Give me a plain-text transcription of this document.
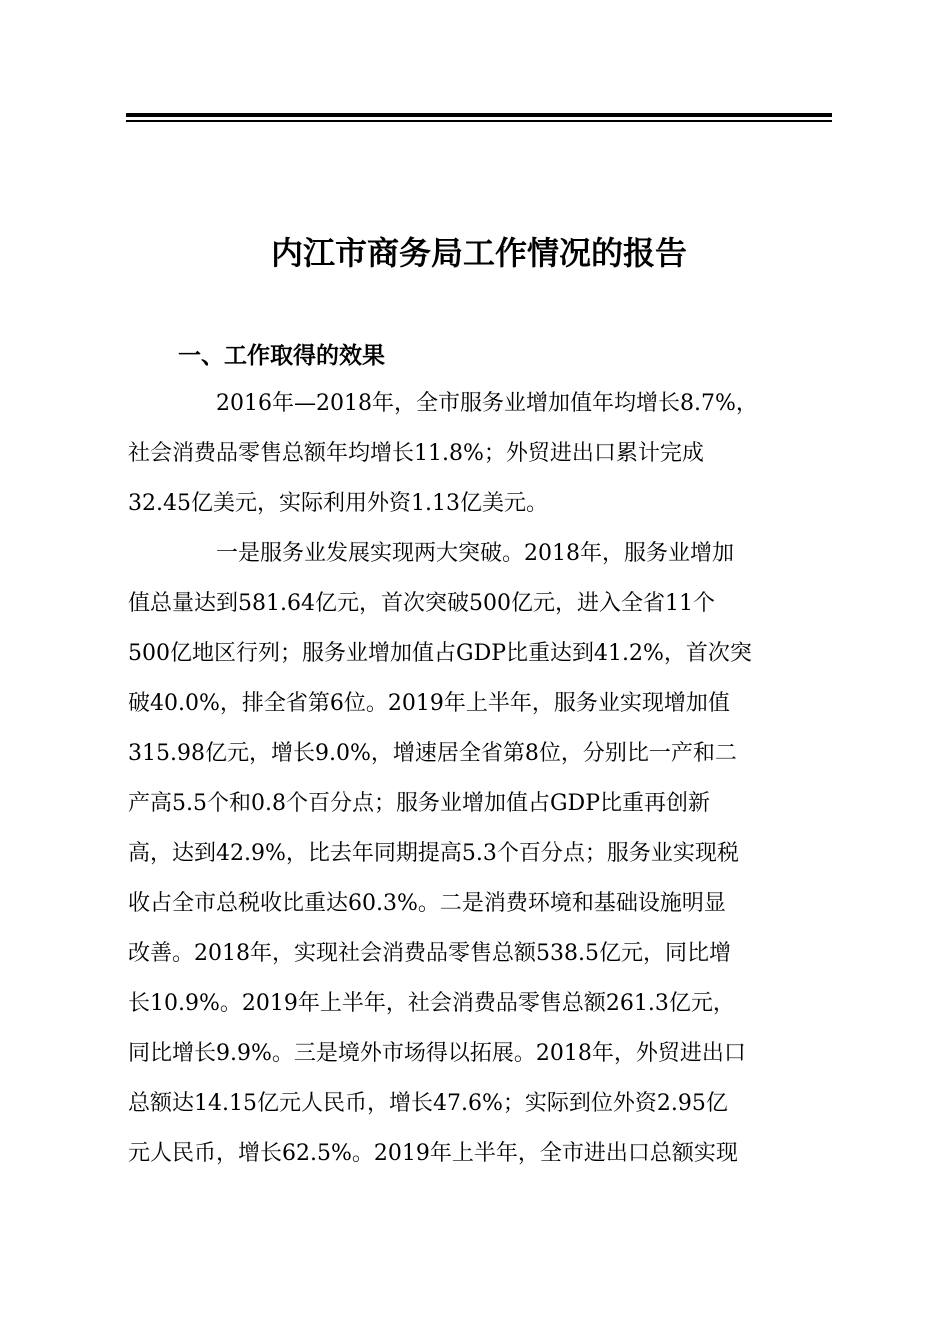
内江市商务局工作情况的报告
一、工作取得的效果
2016年—2018年，全市服务业增加值年均增长8.7%，
社会消费品零售总额年均增长11.8%；外贸进出口累计完成
32.45亿美元，实际利用外资1.13亿美元。
一是服务业发展实现两大突破。2018年，服务业增加
值总量达到581.64亿元，首次突破500亿元，进入全省11个
500亿地区行列；服务业增加值占GDP比重达到41.2%，首次突
破40.0%，排全省第6位。2019年上半年，服务业实现增加值
315.98亿元，增长9.0%，增速居全省第8位，分别比一产和二
产高5.5个和0.8个百分点；服务业增加值占GDP比重再创新
高，达到42.9%，比去年同期提高5.3个百分点；服务业实现税
收占全市总税收比重达60.3%。二是消费环境和基础设施明显
改善。2018年，实现社会消费品零售总额538.5亿元，同比增
长10.9%。2019年上半年，社会消费品零售总额261.3亿元，
同比增长9.9%。三是境外市场得以拓展。2018年，外贸进出口
总额达14.15亿元人民币，增长47.6%；实际到位外资2.95亿
元人民币，增长62.5%。2019年上半年，全市进出口总额实现
